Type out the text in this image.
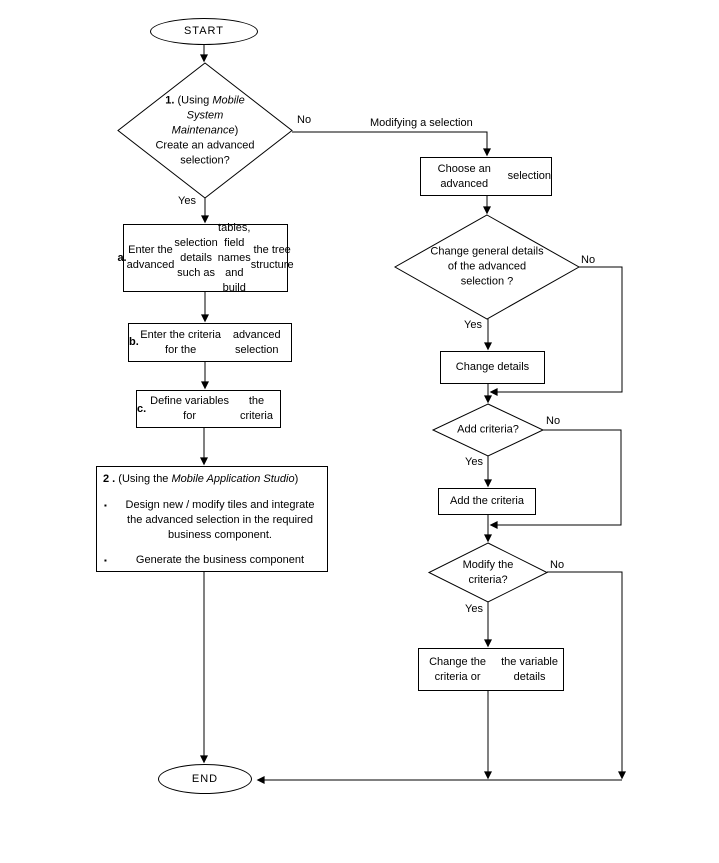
START
END
1. (Using Mobile
System
Maintenance)
Create an advanced
selection?
Change general details
of the advanced
selection ?
Add criteria?
Modify the
criteria?
a.
Enter the advanced

selection details such as

tables, field names and build

the tree structure
b.
Enter the criteria for the

advanced selection
c.
Define variables for

the criteria
2 . (Using the Mobile Application Studio)
▪	Design new / modify tiles and integrate
the advanced selection in the required
business component.
▪	Generate the business component
Choose an advanced

selection
Change details
Add the criteria
Change the criteria or

the variable details
No
Yes
Modifying a selection
No
Yes
No
Yes
No
Yes
